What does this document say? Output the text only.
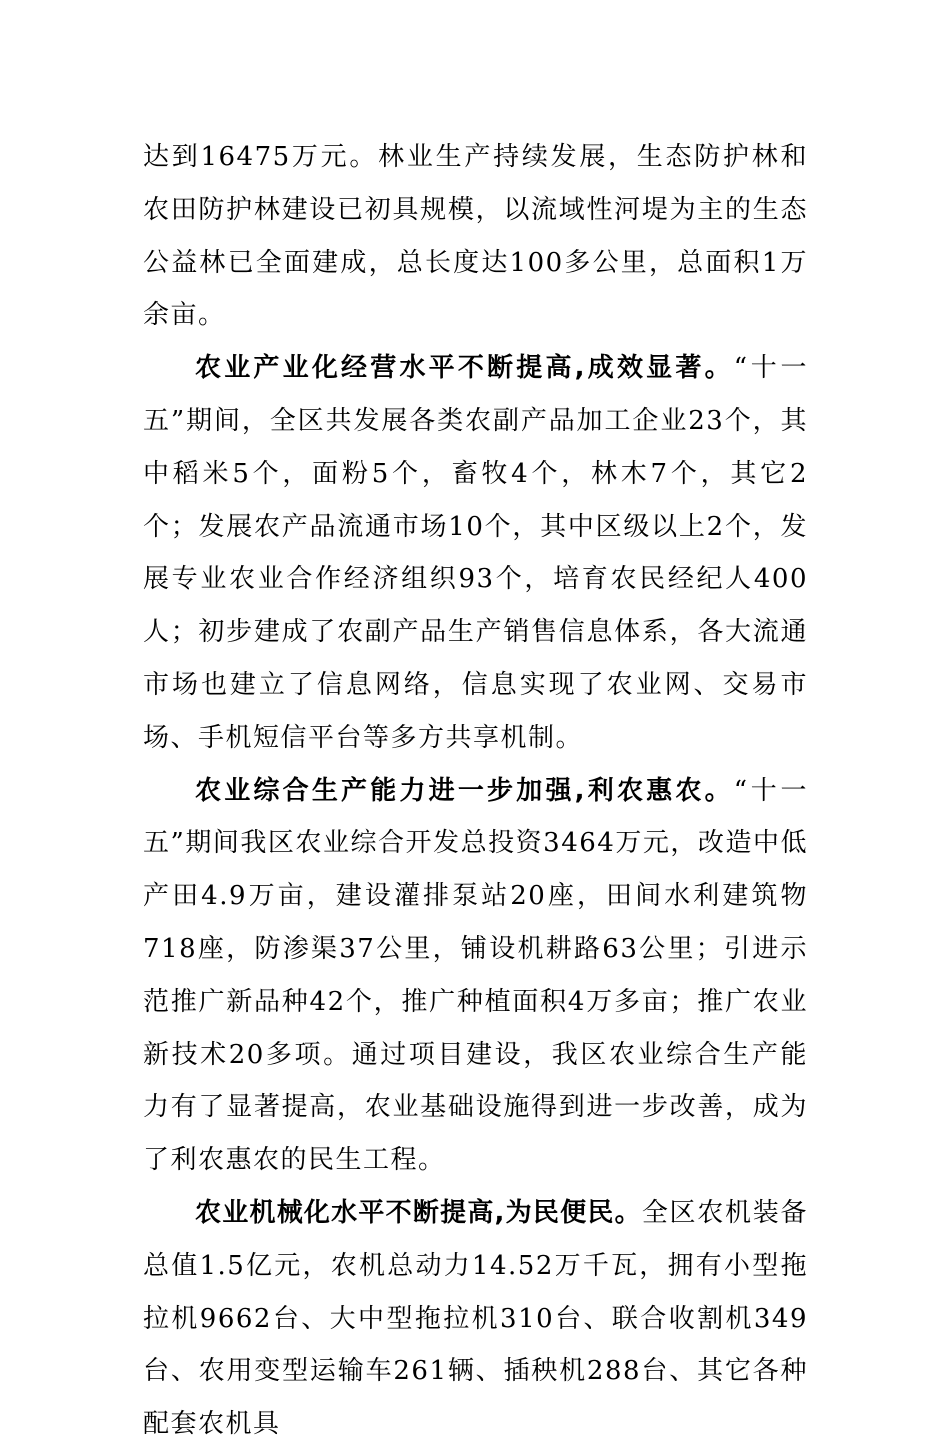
达到16475万元。林业生产持续发展，生态防护林和农田防护林建设已初具规模，以流域性河堤为主的生态公益林已全面建成，总长度达100多公里，总面积1万余亩。

农业产业化经营水平不断提高,成效显著。“十一五”期间，全区共发展各类农副产品加工企业23个，其中稻米5个，面粉5个，畜牧4个，林木7个，其它2个；发展农产品流通市场10个，其中区级以上2个，发展专业农业合作经济组织93个，培育农民经纪人400人；初步建成了农副产品生产销售信息体系，各大流通市场也建立了信息网络，信息实现了农业网、交易市场、手机短信平台等多方共享机制。

农业综合生产能力进一步加强,利农惠农。“十一五”期间我区农业综合开发总投资3464万元，改造中低产田4.9万亩，建设灌排泵站20座，田间水利建筑物718座，防渗渠37公里，铺设机耕路63公里；引进示范推广新品种42个，推广种植面积4万多亩；推广农业新技术20多项。通过项目建设，我区农业综合生产能力有了显著提高，农业基础设施得到进一步改善，成为了利农惠农的民生工程。

农业机械化水平不断提高,为民便民。全区农机装备总值1.5亿元，农机总动力14.52万千瓦，拥有小型拖拉机9662台、大中型拖拉机310台、联合收割机349台、农用变型运输车261辆、插秧机288台、其它各种配套农机具
